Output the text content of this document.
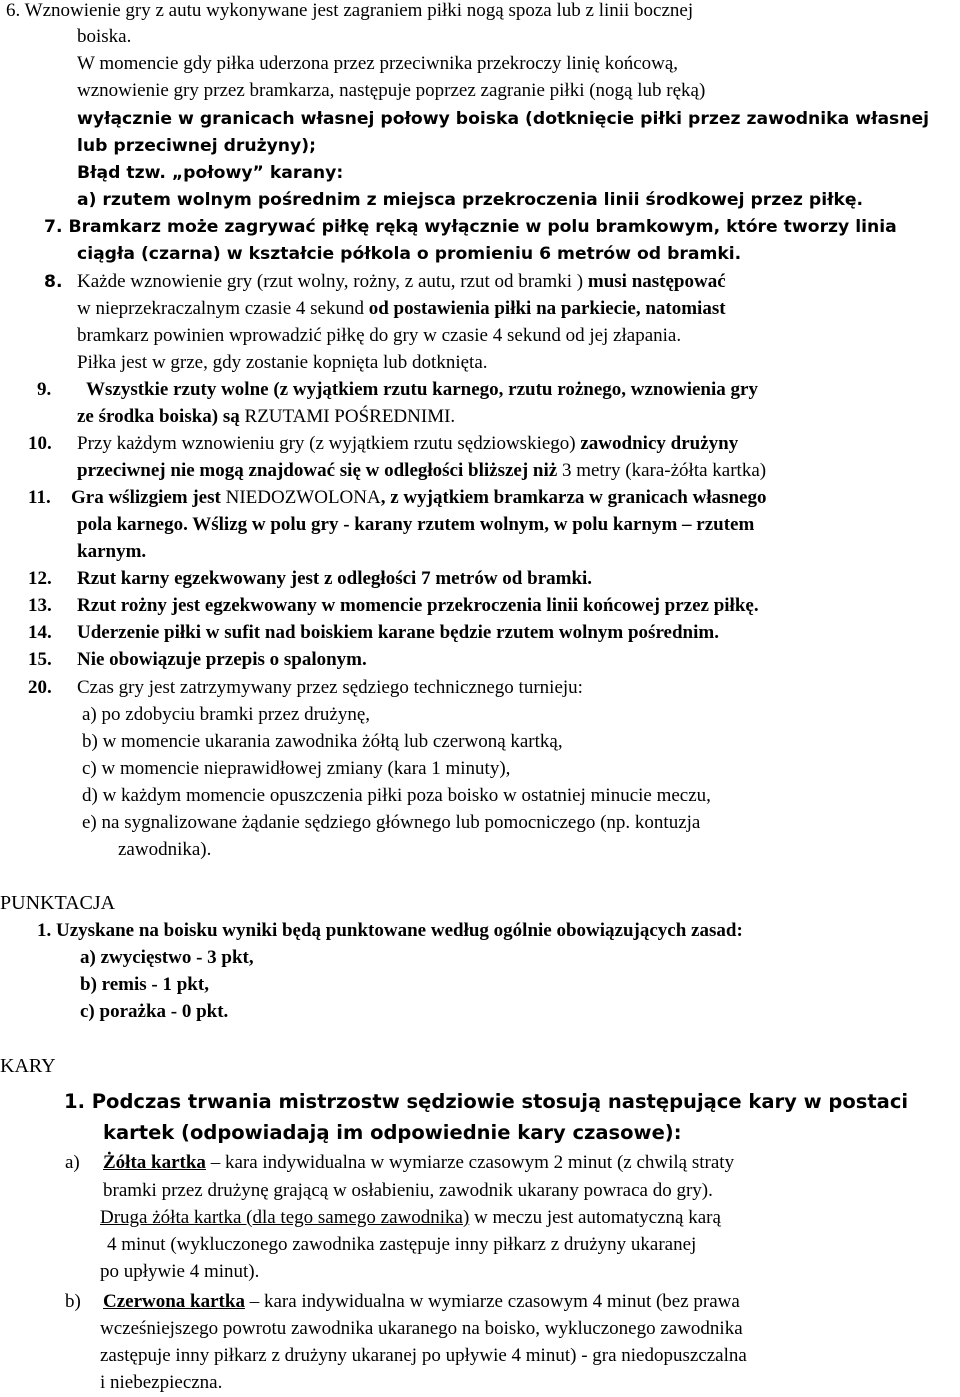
6. Wznowienie gry z autu wykonywane jest zagraniem piłki nogą spoza lub z linii bocznej
boiska.
W momencie gdy piłka uderzona przez przeciwnika przekroczy linię końcową,
wznowienie gry przez bramkarza, następuje poprzez zagranie piłki (nogą lub ręką)
wyłącznie w granicach własnej połowy boiska (dotknięcie piłki przez zawodnika własnej
lub przeciwnej drużyny);
Błąd tzw. „połowy” karany:
a) rzutem wolnym pośrednim z miejsca przekroczenia linii środkowej przez piłkę.
7. Bramkarz może zagrywać piłkę ręką wyłącznie w polu bramkowym, które tworzy linia
ciągła (czarna) w kształcie półkola o promieniu 6 metrów od bramki.
8. Każde wznowienie gry (rzut wolny, rożny, z autu, rzut od bramki ) musi następować
w nieprzekraczalnym czasie 4 sekund od postawienia piłki na parkiecie, natomiast
bramkarz powinien wprowadzić piłkę do gry w czasie 4 sekund od jej złapania.
Piłka jest w grze, gdy zostanie kopnięta lub dotknięta.
9. Wszystkie rzuty wolne (z wyjątkiem rzutu karnego, rzutu rożnego, wznowienia gry
ze środka boiska) są RZUTAMI POŚREDNIMI.
10. Przy każdym wznowieniu gry (z wyjątkiem rzutu sędziowskiego) zawodnicy drużyny
przeciwnej nie mogą znajdować się w odległości bliższej niż 3 metry (kara-żółta kartka)
11. Gra wślizgiem jest NIEDOZWOLONA, z wyjątkiem bramkarza w granicach własnego
pola karnego. Wślizg w polu gry - karany rzutem wolnym, w polu karnym – rzutem
karnym.
12. Rzut karny egzekwowany jest z odległości 7 metrów od bramki.
13. Rzut rożny jest egzekwowany w momencie przekroczenia linii końcowej przez piłkę.
14. Uderzenie piłki w sufit nad boiskiem karane będzie rzutem wolnym pośrednim.
15. Nie obowiązuje przepis o spalonym.
20. Czas gry jest zatrzymywany przez sędziego technicznego turnieju:
a) po zdobyciu bramki przez drużynę,
b) w momencie ukarania zawodnika żółtą lub czerwoną kartką,
c) w momencie nieprawidłowej zmiany (kara 1 minuty),
d) w każdym momencie opuszczenia piłki poza boisko w ostatniej minucie meczu,
e) na sygnalizowane żądanie sędziego głównego lub pomocniczego (np. kontuzja
zawodnika).
PUNKTACJA
1. Uzyskane na boisku wyniki będą punktowane według ogólnie obowiązujących zasad:
a) zwycięstwo - 3 pkt,
b) remis - 1 pkt,
c) porażka - 0 pkt.
KARY
1. Podczas trwania mistrzostw sędziowie stosują następujące kary w postaci
kartek (odpowiadają im odpowiednie kary czasowe):
a) Żółta kartka – kara indywidualna w wymiarze czasowym 2 minut (z chwilą straty
bramki przez drużynę grającą w osłabieniu, zawodnik ukarany powraca do gry).
Druga żółta kartka (dla tego samego zawodnika) w meczu jest automatyczną karą
4 minut (wykluczonego zawodnika zastępuje inny piłkarz z drużyny ukaranej
po upływie 4 minut).
b) Czerwona kartka – kara indywidualna w wymiarze czasowym 4 minut (bez prawa
wcześniejszego powrotu zawodnika ukaranego na boisko, wykluczonego zawodnika
zastępuje inny piłkarz z drużyny ukaranej po upływie 4 minut) - gra niedopuszczalna
i niebezpieczna.
